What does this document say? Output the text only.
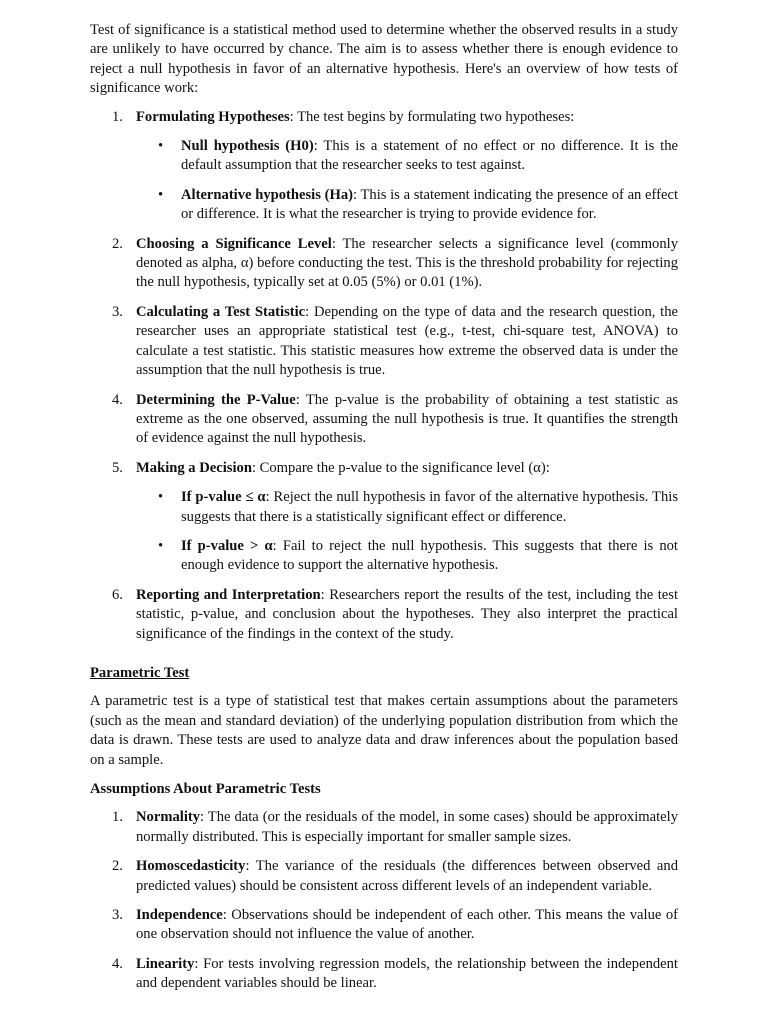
Test of significance is a statistical method used to determine whether the observed results in a study are unlikely to have occurred by chance. The aim is to assess whether there is enough evidence to reject a null hypothesis in favor of an alternative hypothesis. Here's an overview of how tests of significance work:

1. Formulating Hypotheses: The test begins by formulating two hypotheses:

• Null hypothesis (H0): This is a statement of no effect or no difference. It is the default assumption that the researcher seeks to test against.

• Alternative hypothesis (Ha): This is a statement indicating the presence of an effect or difference. It is what the researcher is trying to provide evidence for.

2. Choosing a Significance Level: The researcher selects a significance level (commonly denoted as alpha, α) before conducting the test. This is the threshold probability for rejecting the null hypothesis, typically set at 0.05 (5%) or 0.01 (1%).

3. Calculating a Test Statistic: Depending on the type of data and the research question, the researcher uses an appropriate statistical test (e.g., t-test, chi-square test, ANOVA) to calculate a test statistic. This statistic measures how extreme the observed data is under the assumption that the null hypothesis is true.

4. Determining the P-Value: The p-value is the probability of obtaining a test statistic as extreme as the one observed, assuming the null hypothesis is true. It quantifies the strength of evidence against the null hypothesis.

5. Making a Decision: Compare the p-value to the significance level (α):

• If p-value ≤ α: Reject the null hypothesis in favor of the alternative hypothesis. This suggests that there is a statistically significant effect or difference.

• If p-value > α: Fail to reject the null hypothesis. This suggests that there is not enough evidence to support the alternative hypothesis.

6. Reporting and Interpretation: Researchers report the results of the test, including the test statistic, p-value, and conclusion about the hypotheses. They also interpret the practical significance of the findings in the context of the study.

Parametric Test

A parametric test is a type of statistical test that makes certain assumptions about the parameters (such as the mean and standard deviation) of the underlying population distribution from which the data is drawn. These tests are used to analyze data and draw inferences about the population based on a sample.

Assumptions About Parametric Tests

1. Normality: The data (or the residuals of the model, in some cases) should be approximately normally distributed. This is especially important for smaller sample sizes.

2. Homoscedasticity: The variance of the residuals (the differences between observed and predicted values) should be consistent across different levels of an independent variable.

3. Independence: Observations should be independent of each other. This means the value of one observation should not influence the value of another.

4. Linearity: For tests involving regression models, the relationship between the independent and dependent variables should be linear.
